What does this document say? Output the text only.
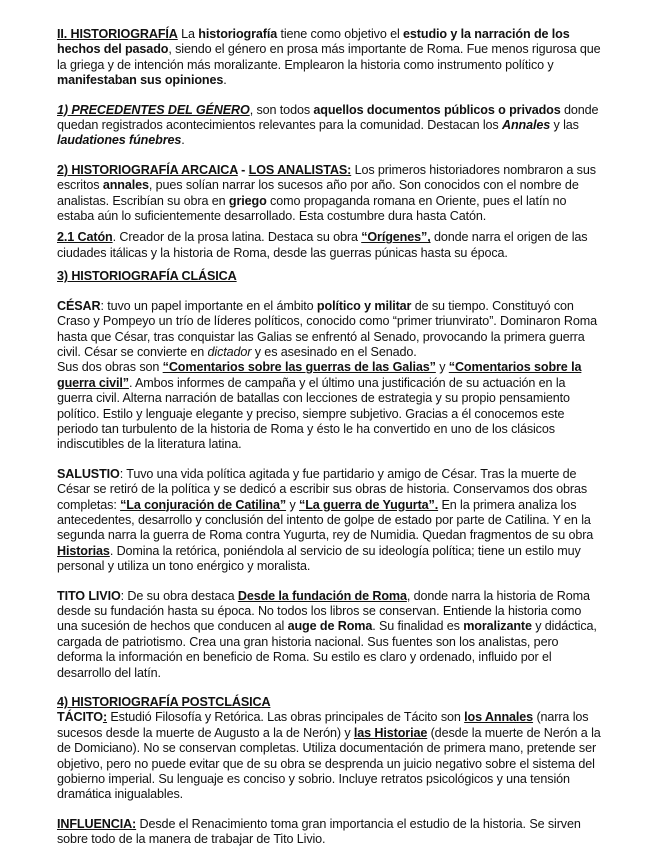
II. HISTORIOGRAFÍA La historiografía tiene como objetivo el estudio y la narración de los hechos del pasado, siendo el género en prosa más importante de Roma. Fue menos rigurosa que la griega y de intención más moralizante. Emplearon la historia como instrumento político y manifestaban sus opiniones.

1) PRECEDENTES DEL GÉNERO, son todos aquellos documentos públicos o privados donde quedan registrados acontecimientos relevantes para la comunidad. Destacan los Annales y las laudationes fúnebres.

2) HISTORIOGRAFÍA ARCAICA - LOS ANALISTAS: Los primeros historiadores nombraron a sus escritos annales, pues solían narrar los sucesos año por año. Son conocidos con el nombre de analistas. Escribían su obra en griego como propaganda romana en Oriente, pues el latín no estaba aún lo suficientemente desarrollado. Esta costumbre dura hasta Catón.

2.1 Catón. Creador de la prosa latina. Destaca su obra “Orígenes”, donde narra el origen de las ciudades itálicas y la historia de Roma, desde las guerras púnicas hasta su época.

3) HISTORIOGRAFÍA CLÁSICA

CÉSAR: tuvo un papel importante en el ámbito político y militar de su tiempo. Constituyó con Craso y Pompeyo un trío de líderes políticos, conocido como “primer triunvirato”. Dominaron Roma hasta que César, tras conquistar las Galias se enfrentó al Senado, provocando la primera guerra civil. César se convierte en dictador y es asesinado en el Senado.
Sus dos obras son “Comentarios sobre las guerras de las Galias” y “Comentarios sobre la guerra civil”. Ambos informes de campaña y el último una justificación de su actuación en la guerra civil. Alterna narración de batallas con lecciones de estrategia y su propio pensamiento político. Estilo y lenguaje elegante y preciso, siempre subjetivo. Gracias a él conocemos este periodo tan turbulento de la historia de Roma y ésto le ha convertido en uno de los clásicos indiscutibles de la literatura latina.

SALUSTIO: Tuvo una vida política agitada y fue partidario y amigo de César. Tras la muerte de César se retiró de la política y se dedicó a escribir sus obras de historia. Conservamos dos obras completas: “La conjuración de Catilina” y “La guerra de Yugurta”. En la primera analiza los antecedentes, desarrollo y conclusión del intento de golpe de estado por parte de Catilina. Y en la segunda narra la guerra de Roma contra Yugurta, rey de Numidia. Quedan fragmentos de su obra Historias. Domina la retórica, poniéndola al servicio de su ideología política; tiene un estilo muy personal y utiliza un tono enérgico y moralista.

TITO LIVIO: De su obra destaca Desde la fundación de Roma, donde narra la historia de Roma desde su fundación hasta su época. No todos los libros se conservan. Entiende la historia como una sucesión de hechos que conducen al auge de Roma. Su finalidad es moralizante y didáctica, cargada de patriotismo. Crea una gran historia nacional. Sus fuentes son los analistas, pero deforma la información en beneficio de Roma. Su estilo es claro y ordenado, influido por el desarrollo del latín.

4) HISTORIOGRAFÍA POSTCLÁSICA
TÁCITO: Estudió Filosofía y Retórica. Las obras principales de Tácito son los Annales (narra los sucesos desde la muerte de Augusto a la de Nerón) y las Historiae (desde la muerte de Nerón a la de Domiciano). No se conservan completas. Utiliza documentación de primera mano, pretende ser objetivo, pero no puede evitar que de su obra se desprenda un juicio negativo sobre el sistema del gobierno imperial. Su lenguaje es conciso y sobrio. Incluye retratos psicológicos y una tensión dramática inigualables.

INFLUENCIA: Desde el Renacimiento toma gran importancia el estudio de la historia. Se sirven sobre todo de la manera de trabajar de Tito Livio.
